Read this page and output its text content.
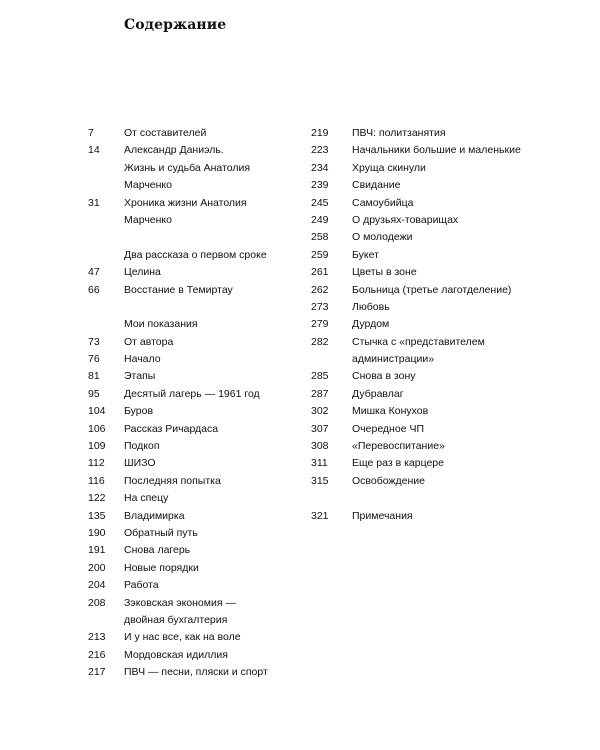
Содержание
7	От составителей
14 Александр Даниэль.
Жизнь и судьба Анатолия
Марченко
31 Хроника жизни Анатолия
Марченко
Два рассказа о первом сроке
47 Целина
66 Восстание в Темиртау
Мои показания
73 От автора
76 Начало
81 Этапы
95 Десятый лагерь — 1961 год
104 Буров
106 Рассказ Ричардаса
109 Подкоп
112 ШИЗО
116 Последняя попытка
122 На спецу
135 Владимирка
190 Обратный путь
191 Снова лагерь
200 Новые порядки
204 Работа
208 Зэковская экономия —
двойная бухгалтерия
213 И у нас все, как на воле
216 Мордовская идиллия
217 ПВЧ — песни, пляски и спорт
219 ПВЧ: политзанятия
223 Начальники большие и маленькие
234 Хруща скинули
239 Свидание
245 Самоубийца
249 О друзьях-товарищах
258 О молодежи
259 Букет
261 Цветы в зоне
262 Больница (третье лаготделение)
273 Любовь
279 Дурдом
282 Стычка с «представителем
администрации»
285 Снова в зону
287 Дубравлаг
302 Мишка Конухов
307 Очередное ЧП
308 «Перевоспитание»
311 Еще раз в карцере
315 Освобождение
321 Примечания
